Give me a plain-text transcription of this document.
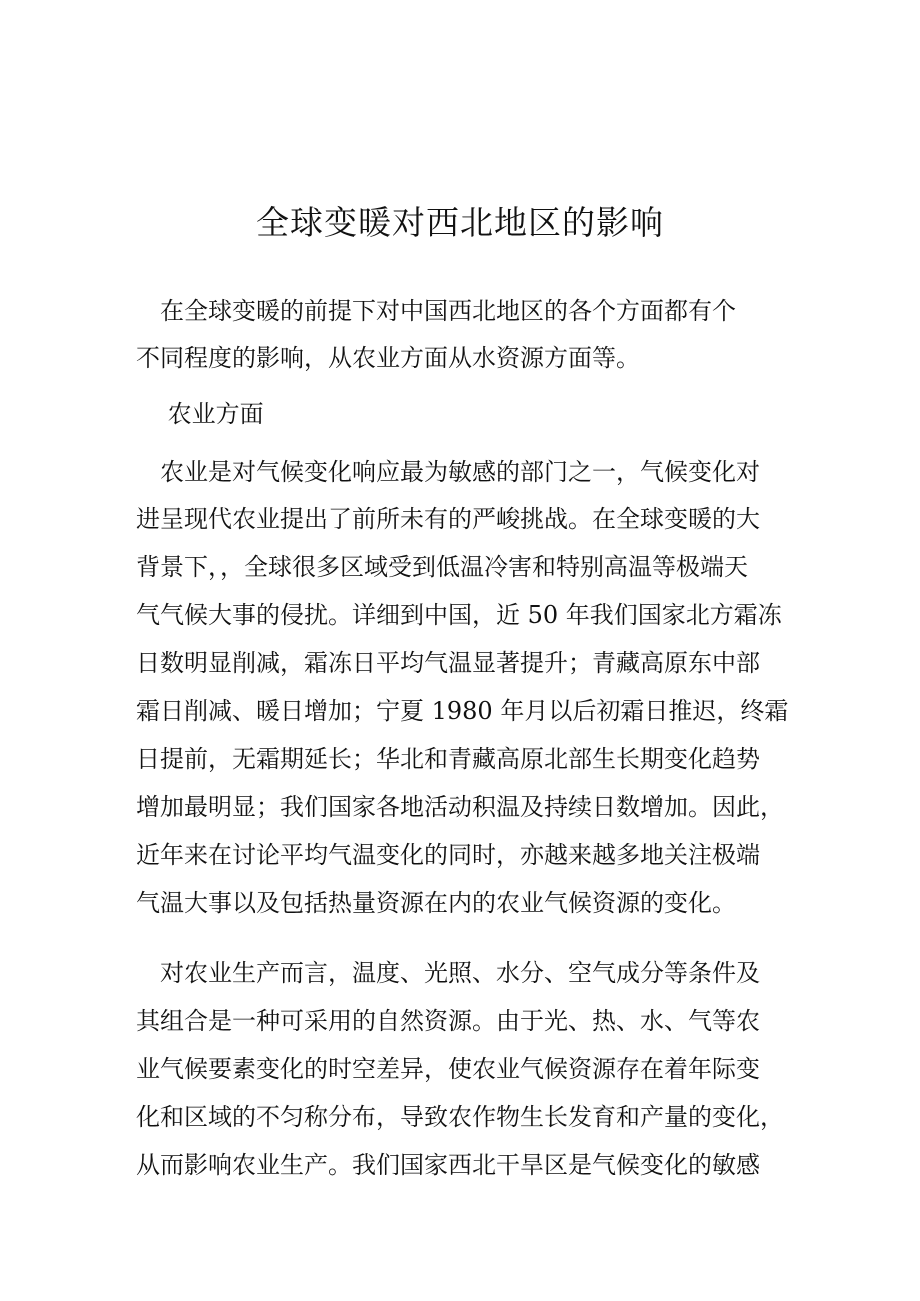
全球变暖对西北地区的影响

　在全球变暖的前提下对中国西北地区的各个方面都有个

不同程度的影响，从农业方面从水资源方面等。

　 农业方面

　农业是对气候变化响应最为敏感的部门之一，气候变化对

进呈现代农业提出了前所未有的严峻挑战。在全球变暖的大

背景下，，全球很多区域受到低温冷害和特别高温等极端天

气气候大事的侵扰。详细到中国，近 50 年我们国家北方霜冻

日数明显削减，霜冻日平均气温显著提升；青藏高原东中部

霜日削减、暖日增加；宁夏 1980 年月以后初霜日推迟，终霜

日提前，无霜期延长；华北和青藏高原北部生长期变化趋势

增加最明显；我们国家各地活动积温及持续日数增加。因此，

近年来在讨论平均气温变化的同时，亦越来越多地关注极端

气温大事以及包括热量资源在内的农业气候资源的变化。

　对农业生产而言，温度、光照、水分、空气成分等条件及

其组合是一种可采用的自然资源。由于光、热、水、气等农

业气候要素变化的时空差异，使农业气候资源存在着年际变

化和区域的不匀称分布，导致农作物生长发育和产量的变化，

从而影响农业生产。我们国家西北干旱区是气候变化的敏感
